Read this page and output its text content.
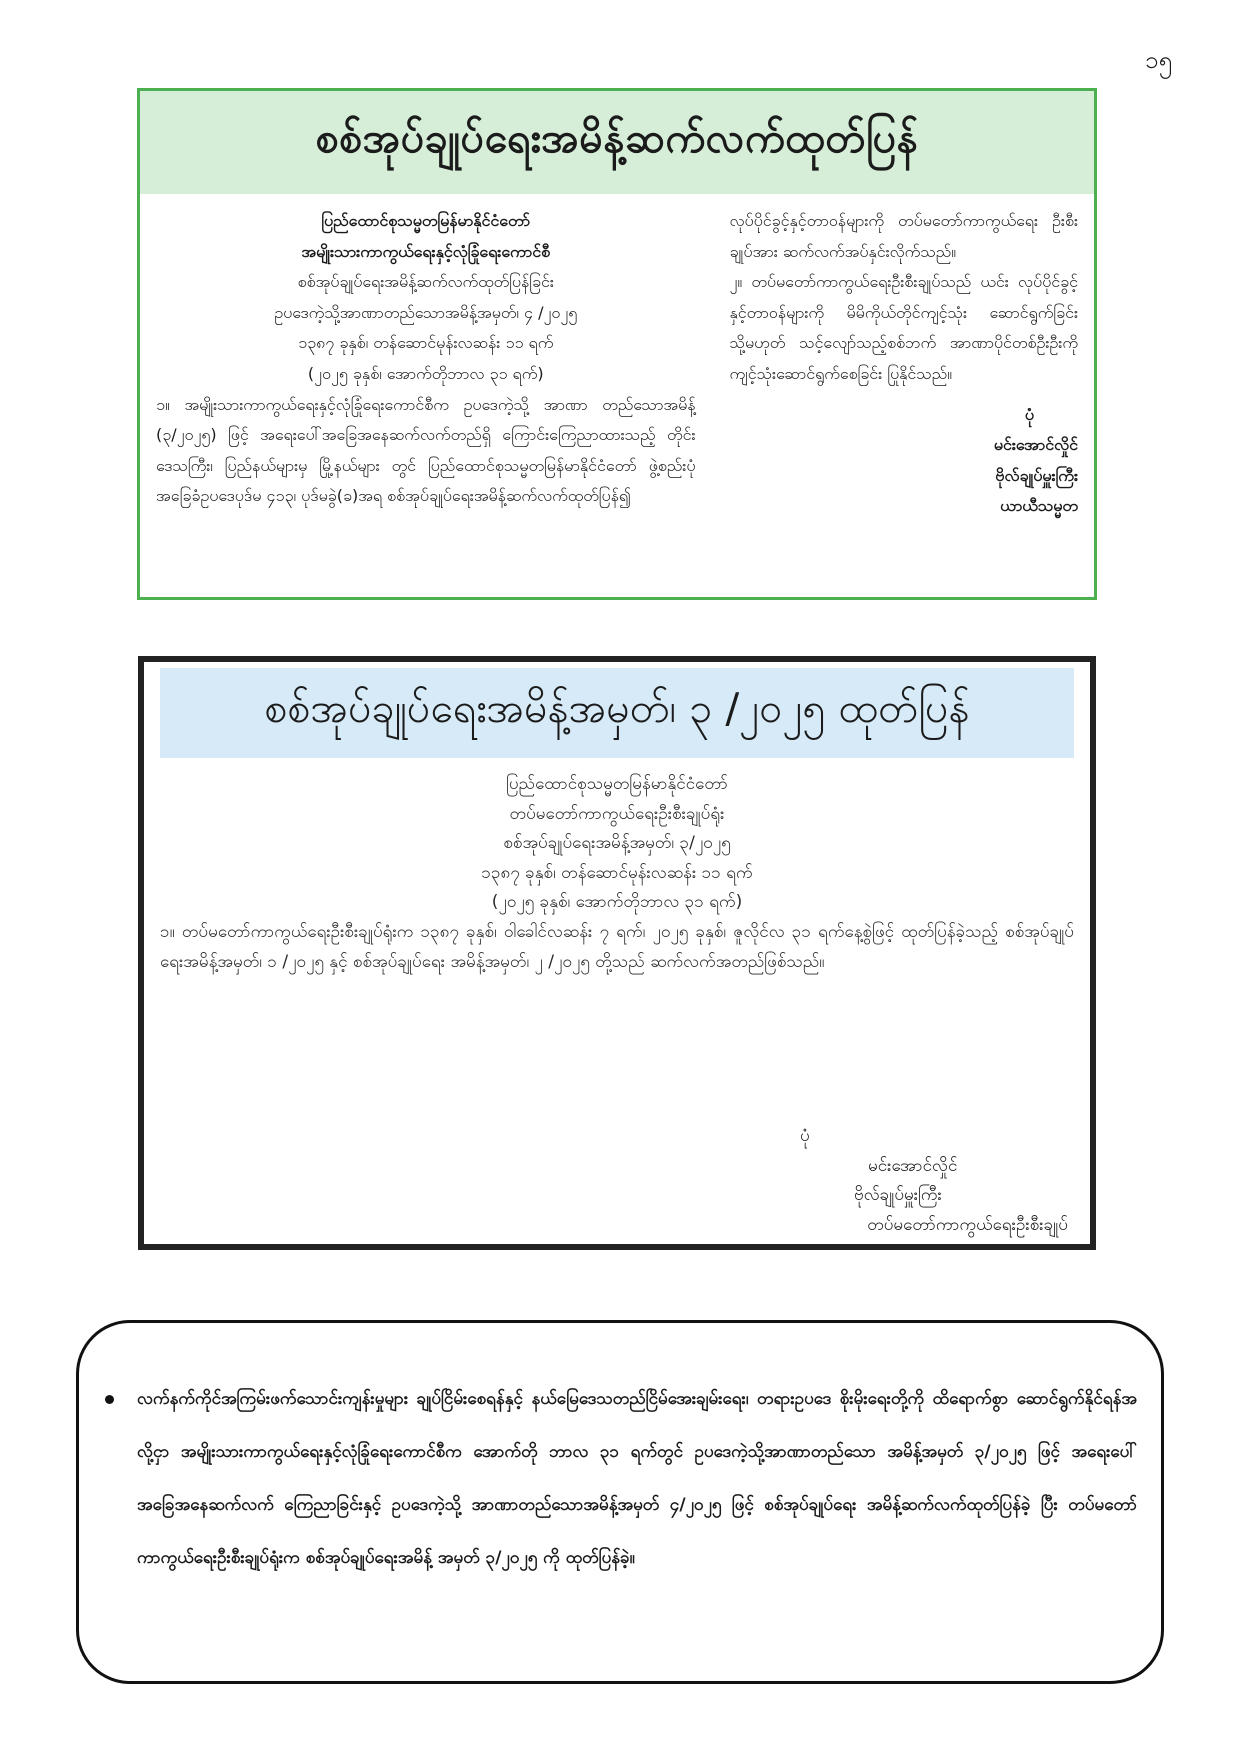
၁၅
စစ်အုပ်ချုပ်ရေးအမိန့်ဆက်လက်ထုတ်ပြန်
ပြည်ထောင်စုသမ္မတမြန်မာနိုင်ငံတော်
အမျိုးသားကာကွယ်ရေးနှင့်လုံခြုံရေးကောင်စီ
စစ်အုပ်ချုပ်ရေးအမိန့်ဆက်လက်ထုတ်ပြန်ခြင်း
ဥပဒေကဲ့သို့အာဏာတည်သောအမိန့်အမှတ်၊ ၄ /၂၀၂၅
၁၃၈၇ ခုနှစ်၊ တန်ဆောင်မုန်းလဆန်း ၁၁ ရက်
(၂၀၂၅ ခုနှစ်၊ အောက်တိုဘာလ ၃၁ ရက်)
၁။ အမျိုးသားကာကွယ်ရေးနှင့်လုံခြုံရေးကောင်စီက ဥပဒေကဲ့သို့ အာဏာ တည်သောအမိန့် (၃/၂၀၂၅) ဖြင့် အရေးပေါ်အခြေအနေဆက်လက်တည်ရှိ ကြောင်းကြေညာထားသည့် တိုင်းဒေသကြီး၊ ပြည်နယ်များမှ မြို့နယ်များ တွင် ပြည်ထောင်စုသမ္မတမြန်မာနိုင်ငံတော် ဖွဲ့စည်းပုံအခြေခံဥပဒေပုဒ်မ ၄၁၃၊ ပုဒ်မခွဲ(ခ)အရ စစ်အုပ်ချုပ်ရေးအမိန့်ဆက်လက်ထုတ်ပြန်၍
လုပ်ပိုင်ခွင့်နှင့်တာဝန်များကို တပ်မတော်ကာကွယ်ရေး ဦးစီးချုပ်အား ဆက်လက်အပ်နှင်းလိုက်သည်။
၂။ တပ်မတော်ကာကွယ်ရေးဦးစီးချုပ်သည် ယင်း လုပ်ပိုင်ခွင့်နှင့်တာဝန်များကို မိမိကိုယ်တိုင်ကျင့်သုံး ဆောင်ရွက်ခြင်း သို့မဟုတ် သင့်လျော်သည့်စစ်ဘက် အာဏာပိုင်တစ်ဦးဦးကို ကျင့်သုံးဆောင်ရွက်စေခြင်း ပြုနိုင်သည်။
ပုံ
မင်းအောင်လှိုင်
ဗိုလ်ချုပ်မှူးကြီး
ယာယီသမ္မတ
စစ်အုပ်ချုပ်ရေးအမိန့်အမှတ်၊ ၃ /၂၀၂၅ ထုတ်ပြန်
ပြည်ထောင်စုသမ္မတမြန်မာနိုင်ငံတော်
တပ်မတော်ကာကွယ်ရေးဦးစီးချုပ်ရုံး
စစ်အုပ်ချုပ်ရေးအမိန့်အမှတ်၊ ၃/၂၀၂၅
၁၃၈၇ ခုနှစ်၊ တန်ဆောင်မုန်းလဆန်း ၁၁ ရက်
(၂၀၂၅ ခုနှစ်၊ အောက်တိုဘာလ ၃၁ ရက်)
၁။ တပ်မတော်ကာကွယ်ရေးဦးစီးချုပ်ရုံးက ၁၃၈၇ ခုနှစ်၊ ဝါခေါင်လဆန်း ၇ ရက်၊ ၂၀၂၅ ခုနှစ်၊ ဇူလိုင်လ ၃၁ ရက်နေ့စွဲဖြင့် ထုတ်ပြန်ခဲ့သည့် စစ်အုပ်ချုပ်ရေးအမိန့်အမှတ်၊ ၁ /၂၀၂၅ နှင့် စစ်အုပ်ချုပ်ရေး အမိန့်အမှတ်၊ ၂ /၂၀၂၅ တို့သည် ဆက်လက်အတည်ဖြစ်သည်။
ပုံ
မင်းအောင်လှိုင်
ဗိုလ်ချုပ်မှူးကြီး
တပ်မတော်ကာကွယ်ရေးဦးစီးချုပ်
လက်နက်ကိုင်အကြမ်းဖက်သောင်းကျန်းမှုများ ချုပ်ငြိမ်းစေရန်နှင့် နယ်မြေဒေသတည်ငြိမ်အေးချမ်းရေး၊ တရားဥပဒေ စိုးမိုးရေးတို့ကို ထိရောက်စွာ ဆောင်ရွက်နိုင်ရန်အလို့ငှာ အမျိုးသားကာကွယ်ရေးနှင့်လုံခြုံရေးကောင်စီက အောက်တို ဘာလ ၃၁ ရက်တွင် ဥပဒေကဲ့သို့အာဏာတည်သော အမိန့်အမှတ် ၃/၂၀၂၅ ဖြင့် အရေးပေါ်အခြေအနေဆက်လက် ကြေညာခြင်းနှင့် ဥပဒေကဲ့သို့ အာဏာတည်သောအမိန့်အမှတ် ၄/၂၀၂၅ ဖြင့် စစ်အုပ်ချုပ်ရေး အမိန့်ဆက်လက်ထုတ်ပြန်ခဲ့ ပြီး တပ်မတော်ကာကွယ်ရေးဦးစီးချုပ်ရုံးက စစ်အုပ်ချုပ်ရေးအမိန့် အမှတ် ၃/၂၀၂၅ ကို ထုတ်ပြန်ခဲ့။
